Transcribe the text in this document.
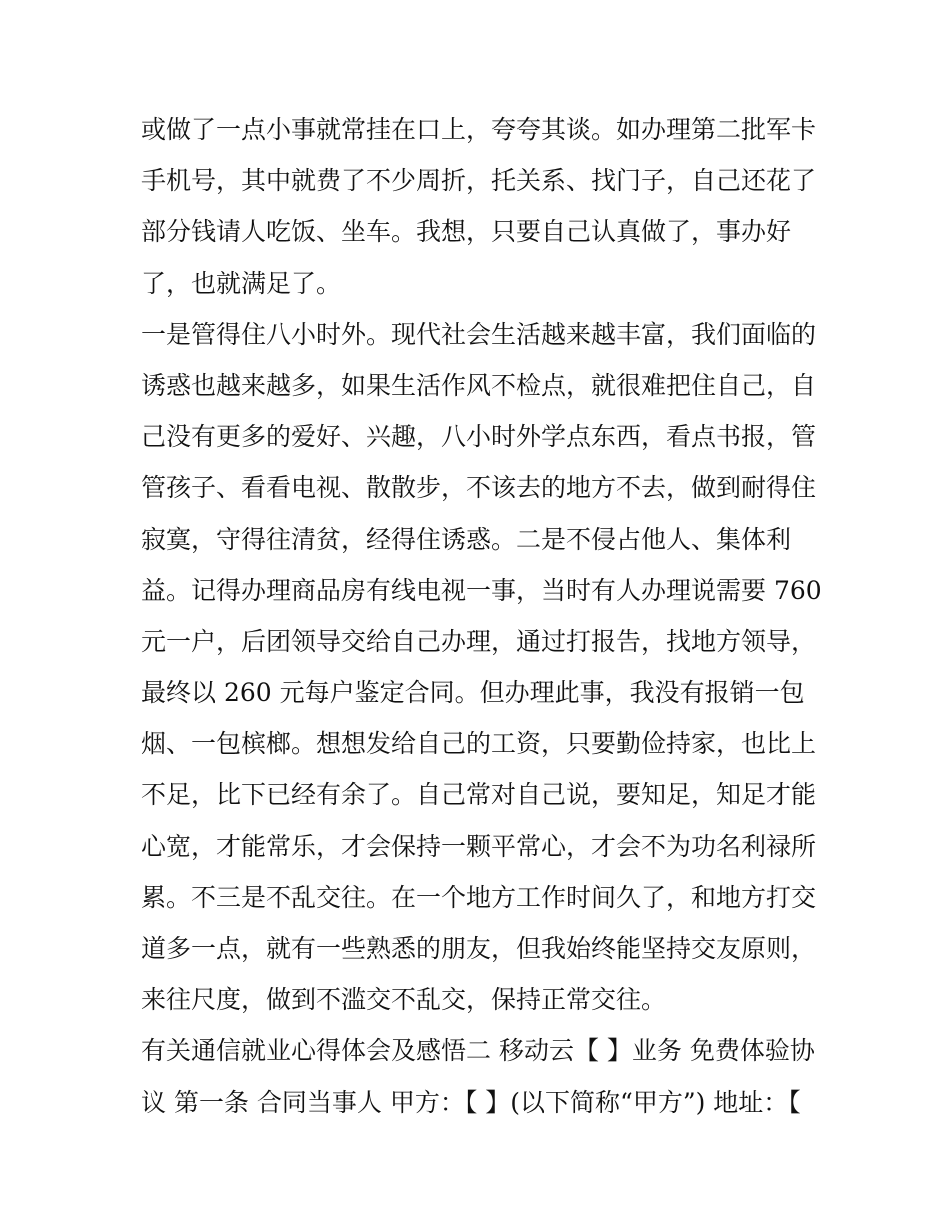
或做了一点小事就常挂在口上，夸夸其谈。如办理第二批军卡
手机号，其中就费了不少周折，托关系、找门子，自己还花了
部分钱请人吃饭、坐车。我想，只要自己认真做了，事办好
了，也就满足了。
一是管得住八小时外。现代社会生活越来越丰富，我们面临的
诱惑也越来越多，如果生活作风不检点，就很难把住自己，自
己没有更多的爱好、兴趣，八小时外学点东西，看点书报，管
管孩子、看看电视、散散步，不该去的地方不去，做到耐得住
寂寞，守得往清贫，经得住诱惑。二是不侵占他人、集体利
益。记得办理商品房有线电视一事，当时有人办理说需要 760
元一户，后团领导交给自己办理，通过打报告，找地方领导，
最终以 260 元每户鉴定合同。但办理此事，我没有报销一包
烟、一包槟榔。想想发给自己的工资，只要勤俭持家，也比上
不足，比下已经有余了。自己常对自己说，要知足，知足才能
心宽，才能常乐，才会保持一颗平常心，才会不为功名利禄所
累。不三是不乱交往。在一个地方工作时间久了，和地方打交
道多一点，就有一些熟悉的朋友，但我始终能坚持交友原则，
来往尺度，做到不滥交不乱交，保持正常交往。
有关通信就业心得体会及感悟二 移动云【 】业务 免费体验协
议 第一条 合同当事人 甲方：【 】(以下简称“甲方”) 地址：【
